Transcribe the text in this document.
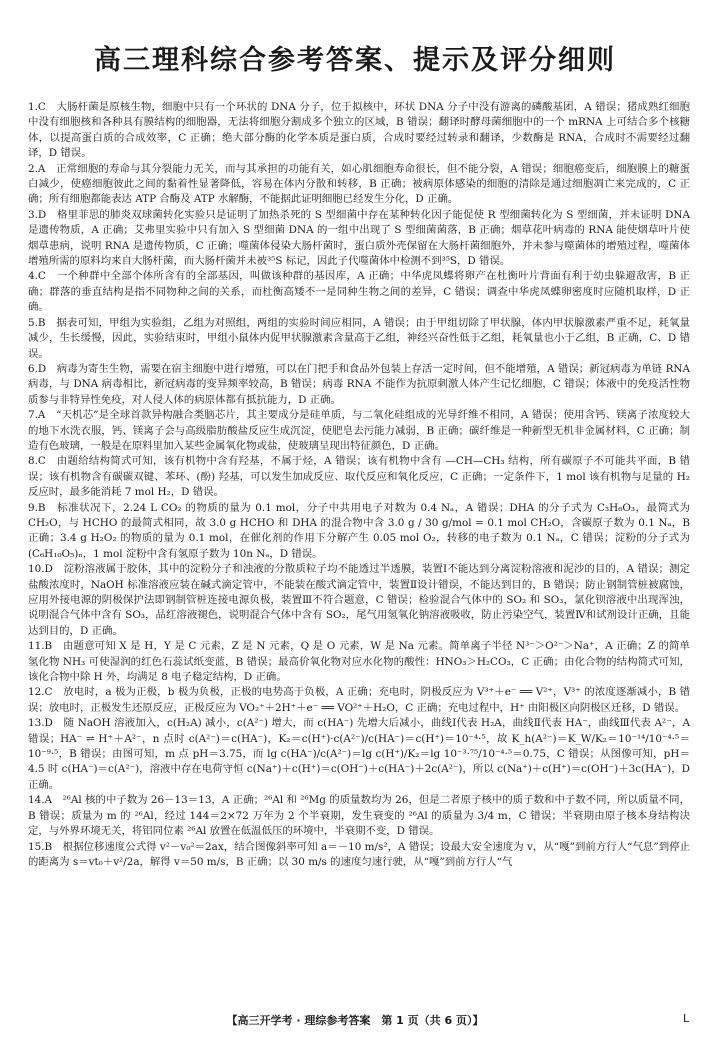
高三理科综合参考答案、提示及评分细则
1.C　 大肠杆菌是原核生物，细胞中只有一个环状的 DNA 分子，位于拟核中，环状 DNA 分子中没有游离的磷酸基团，A 错误；猪成熟红细胞中没有细胞核和各种具有膜结构的细胞器，无法将细胞分割成多个独立的区域，B 错误；翻译时酵母菌细胞中的一个 mRNA 上可结合多个核糖体，以提高蛋白质的合成效率，C 正确；绝大部分酶的化学本质是蛋白质，合成时要经过转录和翻译，少数酶是 RNA，合成时不需要经过翻译，D 错误。
2.A　 正常细胞的寿命与其分裂能力无关，而与其承担的功能有关，如心肌细胞寿命很长，但不能分裂，A 错误；细胞癌变后，细胞膜上的糖蛋白减少，使癌细胞彼此之间的黏着性显著降低，容易在体内分散和转移，B 正确；被病原体感染的细胞的清除是通过细胞凋亡来完成的，C 正确；所有细胞都能表达 ATP 合酶及 ATP 水解酶，不能据此证明细胞已经发生分化，D 正确。
3.D　 格里菲思的肺炎双球菌转化实验只是证明了加热杀死的 S 型细菌中存在某种转化因子能促使 R 型细菌转化为 S 型细菌，并未证明 DNA 是遗传物质，A 正确；艾弗里实验中只有加入 S 型细菌 DNA 的一组中出现了 S 型细菌菌落，B 正确；烟草花叶病毒的 RNA 能使烟草叶片使烟草患病，说明 RNA 是遗传物质，C 正确；噬菌体侵染大肠杆菌时，蛋白质外壳保留在大肠杆菌细胞外，并未参与噬菌体的增殖过程，噬菌体增殖所需的原料均来自大肠杆菌，而大肠杆菌并未被³⁵S 标记，因此子代噬菌体中检测不到³⁵S，D 错误。
4.C　 一个种群中全部个体所含有的全部基因，叫做该种群的基因库，A 正确；中华虎凤蝶将卵产在杜衡叶片背面有利于幼虫躲避敌害，B 正确；群落的垂直结构是指不同物种之间的关系，而杜衡高矮不一是同种生物之间的差异，C 错误；调查中华虎凤蝶卵密度时应随机取样，D 正确。
5.B　 据表可知，甲组为实验组，乙组为对照组，两组的实验时间应相同，A 错误；由于甲组切除了甲状腺，体内甲状腺激素严重不足，耗氧量减少，生长缓慢，因此，实验结束时，甲组小鼠体内促甲状腺激素含量高于乙组，神经兴奋性低于乙组，耗氧量也小于乙组，B 正确，C、D 错误。
6.D　 病毒为寄生生物，需要在宿主细胞中进行增殖，可以在门把手和食品外包装上存活一定时间，但不能增殖，A 错误；新冠病毒为单链 RNA 病毒，与 DNA 病毒相比，新冠病毒的变异频率较高，B 错误；病毒 RNA 不能作为抗原刺激人体产生记忆细胞，C 错误；体液中的免疫活性物质参与非特异性免疫，对人侵人体的病原体都有抵抗能力，D 正确。
7.A　 “天机芯”是全球首款异构融合类脑芯片，其主要成分是硅单质，与二氧化硅组成的光导纤维不相同，A 错误；使用含钙、镁离子浓度较大的地下水洗衣服，钙、镁离子会与高级脂肪酸盐反应生成沉淀，使肥皂去污能力减弱，B 正确；碳纤维是一种新型无机非金属材料，C 正确；制造有色玻璃，一般是在原料里加入某些金属氧化物或盐，使玻璃呈现出特征颜色，D 正确。
8.C　 由题给结构简式可知，该有机物中含有羟基，不属于烃，A 错误；该有机物中含有 —CH—CH₃ 结构，所有碳原子不可能共平面，B 错误；该有机物含有碳碳双键、苯环、(酚) 羟基，可以发生加成反应、取代反应和氧化反应，C 正确；一定条件下，1 mol 该有机物与足量的 H₂ 反应时，最多能消耗 7 mol H₂，D 错误。
9.B　 标准状况下，2.24 L CO₂ 的物质的量为 0.1 mol，分子中共用电子对数为 0.4 Nₐ，A 错误；DHA 的分子式为 C₃H₆O₃，最简式为 CH₂O，与 HCHO 的最简式相同，故 3.0 g HCHO 和 DHA 的混合物中含 3.0 g / 30 g/mol = 0.1 mol CH₂O，含碳原子数为 0.1 Nₐ，B 正确；3.4 g H₂O₂ 的物质的量为 0.1 mol，在催化剂的作用下分解产生 0.05 mol O₂，转移的电子数为 0.1 Nₐ，C 错误；淀粉的分子式为 (C₆H₁₀O₅)ₙ，1 mol 淀粉中含有氢原子数为 10n Nₐ，D 错误。
10.D　 淀粉溶液属于胶体，其中的淀粉分子和浊液的分散质粒子均不能透过半透膜，装置Ⅰ不能达到分离淀粉溶液和泥沙的目的，A 错误；测定盐酸浓度时，NaOH 标准溶液应装在碱式滴定管中，不能装在酸式滴定管中，装置Ⅱ设计错误，不能达到目的，B 错误；防止钢制管桩被腐蚀，应用外接电源的阴极保护法即钢制管桩连接电源负极，装置Ⅲ不符合题意，C 错误；检验混合气体中的 SO₂ 和 SO₃，氯化钡溶液中出现浑浊，说明混合气体中含有 SO₃，品红溶液褪色，说明混合气体中含有 SO₂，尾气用氢氧化钠溶液吸收，防止污染空气，装置Ⅳ和试剂设计正确，且能达到目的，D 正确。
11.B　 由题意可知 X 是 H，Y 是 C 元素，Z 是 N 元素，Q 是 O 元素，W 是 Na 元素。简单离子半径 N³⁻＞O²⁻＞Na⁺，A 正确；Z 的简单氢化物 NH₃ 可使湿润的红色石蕊试纸变蓝，B 错误；最高价氧化物对应水化物的酸性：HNO₃＞H₂CO₃，C 正确；由化合物的结构简式可知，该化合物中除 H 外，均满足 8 电子稳定结构，D 正确。
12.C　 放电时，a 极为正极，b 极为负极，正极的电势高于负极，A 正确；充电时，阴极反应为 V³⁺＋e⁻ ══ V²⁺，V³⁺ 的浓度逐渐减小，B 错误；放电时，正极发生还原反应，正极反应为 VO₂⁺＋2H⁺＋e⁻ ══ VO²⁺＋H₂O，C 正确；充电过程中，H⁺ 由阳极区向阴极区迁移，D 错误。
13.D　 随 NaOH 溶液加入，c(H₂A) 减小，c(A²⁻) 增大，而 c(HA⁻) 先增大后减小，曲线Ⅰ代表 H₂A，曲线Ⅱ代表 HA⁻，曲线Ⅲ代表 A²⁻，A 错误；HA⁻ ⇌ H⁺＋A²⁻，n 点时 c(A²⁻)＝c(HA⁻)，K₂＝c(H⁺)·c(A²⁻)/c(HA⁻)＝c(H⁺)＝10⁻⁴·⁵，故 K_h(A²⁻)＝K_W/K₂＝10⁻¹⁴/10⁻⁴·⁵＝10⁻⁹·⁵，B 错误；由图可知，m 点 pH＝3.75，而 lg c(HA⁻)/c(A²⁻)＝lg c(H⁺)/K₂＝lg 10⁻³·⁷⁵/10⁻⁴·⁵＝0.75，C 错误；从图像可知，pH＝4.5 时 c(HA⁻)＝c(A²⁻)，溶液中存在电荷守恒 c(Na⁺)＋c(H⁺)＝c(OH⁻)＋c(HA⁻)＋2c(A²⁻)，所以 c(Na⁺)＋c(H⁺)＝c(OH⁻)＋3c(HA⁻)，D 正确。
14.A　 ²⁶Al 核的中子数为 26－13＝13，A 正确；²⁶Al 和 ²⁶Mg 的质量数均为 26，但是二者原子核中的质子数和中子数不同，所以质量不同，B 错误；质量为 m 的 ²⁶Al，经过 144＝2×72 万年为 2 个半衰期，发生衰变的 ²⁶Al 的质量为 3/4 m，C 错误；半衰期由原子核本身结构决定，与外界环境无关，将铝同位素 ²⁶Al 放置在低温低压的环境中，半衰期不变，D 错误。
15.B　 根据位移速度公式得 v²－v₀²＝2ax，结合图像斜率可知 a＝－10 m/s²，A 错误；设最大安全速度为 v，从“嘎”到前方行人“气息”到停止的距离为 s＝vt₀＋v²/2a，解得 v＝50 m/s，B 正确；以 30 m/s 的速度匀速行驶，从“嘎”到前方行人“气
【高三开学考 · 理综参考答案　第 1 页（共 6 页）】	L
